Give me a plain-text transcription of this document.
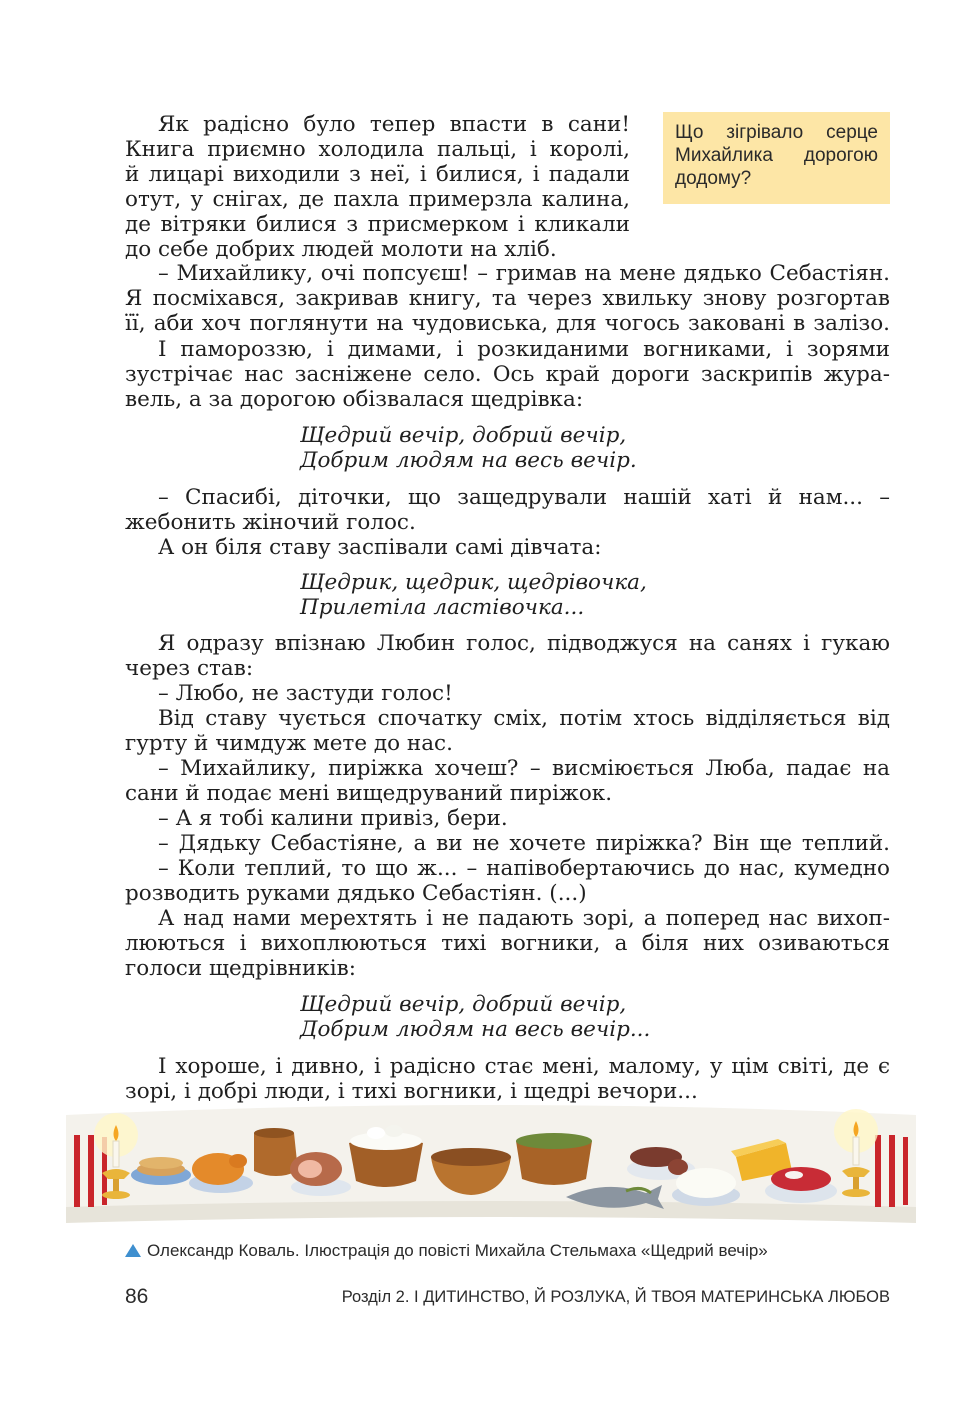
Що зігрівало серце
Михайлика дорогою
додому?
Як радісно було тепер впасти в сани!
Книга приємно холодила пальці, і королі,
й лицарі виходили з неї, і билися, і падали
отут, у снігах, де пахла примерзла калина,
де вітряки билися з присмерком і кликали
до себе добрих людей молоти на хліб.
– Михайлику, очі попсуєш! – гримав на мене дядько Себастіян.
Я посміхався, закривав книгу, та через хвильку знову розгортав
її, аби хоч поглянути на чудовиська, для чогось заковані в залізо.
І памороззю, і димами, і розкиданими вогниками, і зорями
зустрічає нас засніжене село. Ось край дороги заскрипів жура-
вель, а за дорогою обізвалася щедрівка:
Щедрий вечір, добрий вечір,
Добрим людям на весь вечір.
– Спасибі, діточки, що защедрували нашій хаті й нам... –
жебонить жіночий голос.
А он біля ставу заспівали самі дівчата:
Щедрик, щедрик, щедрівочка,
Прилетіла ластівочка...
Я одразу впізнаю Любин голос, підводжуся на санях і гукаю
через став:
– Любо, не застуди голос!
Від ставу чується спочатку сміх, потім хтось відділяється від
гурту й чимдуж мете до нас.
– Михайлику, пиріжка хочеш? – висміюється Люба, падає на
сани й подає мені вищедруваний пиріжок.
– А я тобі калини привіз, бери.
– Дядьку Себастіяне, а ви не хочете пиріжка? Він ще теплий.
– Коли теплий, то що ж... – напівобертаючись до нас, кумедно
розводить руками дядько Себастіян. (...)
А над нами мерехтять і не падають зорі, а поперед нас вихоп-
люються і вихоплюються тихі вогники, а біля них озиваються
голоси щедрівників:
Щедрий вечір, добрий вечір,
Добрим людям на весь вечір...
І хороше, і дивно, і радісно стає мені, малому, у цім світі, де є
зорі, і добрі люди, і тихі вогники, і щедрі вечори...
Олександр Коваль. Ілюстрація до повісті Михайла Стельмаха «Щедрий вечір»
86	Розділ 2. І ДИТИНСТВО, Й РОЗЛУКА, Й ТВОЯ МАТЕРИНСЬКА ЛЮБОВ
